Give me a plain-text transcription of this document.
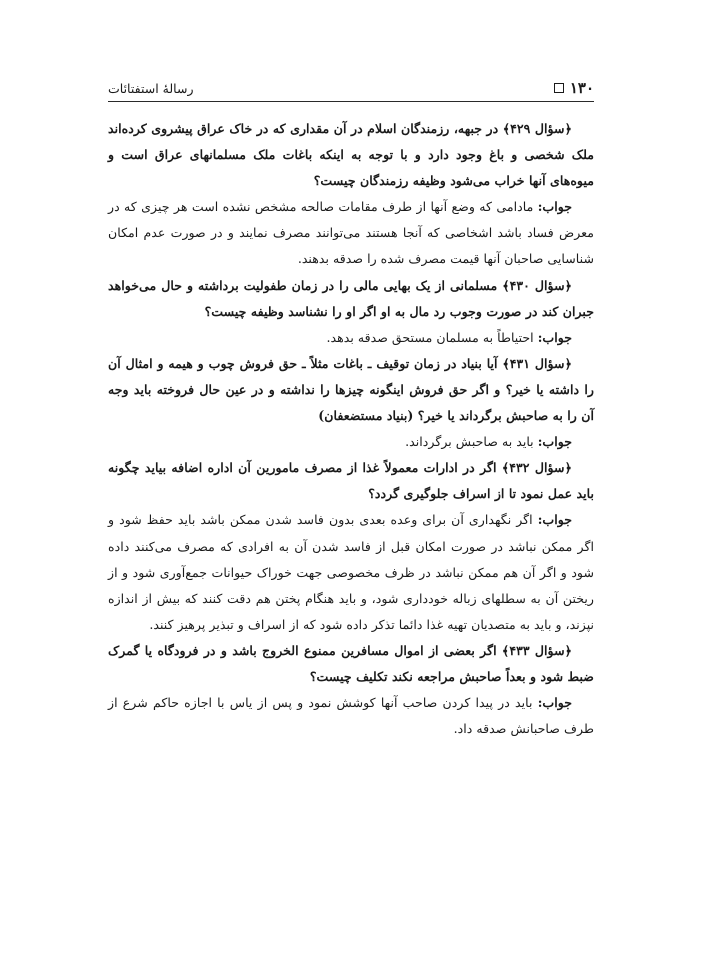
۱۳۰
رسالهٔ استفتائات

﴿سؤال ۴۲۹﴾ در جبهه، رزمندگان اسلام در آن مقداری که در خاک عراق پیشروی کرده‌اند ملک شخصی و باغ وجود دارد و با توجه به اینکه باغات ملک مسلمانهای عراق است و میوه‌های آنها خراب می‌شود وظیفه رزمندگان چیست؟

جواب: مادامی که وضع آنها از طرف مقامات صالحه مشخص نشده است هر چیزی که در معرض فساد باشد اشخاصی که آنجا هستند می‌توانند مصرف نمایند و در صورت عدم امکان شناسایی صاحبان آنها قیمت مصرف شده را صدقه بدهند.

﴿سؤال ۴۳۰﴾ مسلمانی از یک بهایی مالی را در زمان طفولیت برداشته و حال می‌خواهد جبران کند در صورت وجوب رد مال به او اگر او را نشناسد وظیفه چیست؟

جواب: احتیاطاً به مسلمان مستحق صدقه بدهد.

﴿سؤال ۴۳۱﴾ آیا بنیاد در زمان توقیف ـ باغات مثلاً ـ حق فروش چوب و هیمه و امثال آن را داشته یا خیر؟ و اگر حق فروش اینگونه چیزها را نداشته و در عین حال فروخته باید وجه آن را به صاحبش برگرداند یا خیر؟ (بنیاد مستضعفان)

جواب: باید به صاحبش برگرداند.

﴿سؤال ۴۳۲﴾ اگر در ادارات معمولاً غذا از مصرف مامورین آن اداره اضافه بیاید چگونه باید عمل نمود تا از اسراف جلوگیری گردد؟

جواب: اگر نگهداری آن برای وعده بعدی بدون فاسد شدن ممکن باشد باید حفظ شود و اگر ممکن نباشد در صورت امکان قبل از فاسد شدن آن به افرادی که مصرف می‌کنند داده شود و اگر آن هم ممکن نباشد در ظرف مخصوصی جهت خوراک حیوانات جمع‌آوری شود و از ریختن آن به سطلهای زباله خودداری شود، و باید هنگام پختن هم دقت کنند که بیش از اندازه نپزند، و باید به متصدیان تهیه غذا دائما تذکر داده شود که از اسراف و تبذیر پرهیز کنند.

﴿سؤال ۴۳۳﴾ اگر بعضی از اموال مسافرین ممنوع الخروج باشد و در فرودگاه یا گمرک ضبط شود و بعداً صاحبش مراجعه نکند تکلیف چیست؟

جواب: باید در پیدا کردن صاحب آنها کوشش نمود و پس از یاس با اجازه حاکم شرع از طرف صاحبانش صدقه داد.
